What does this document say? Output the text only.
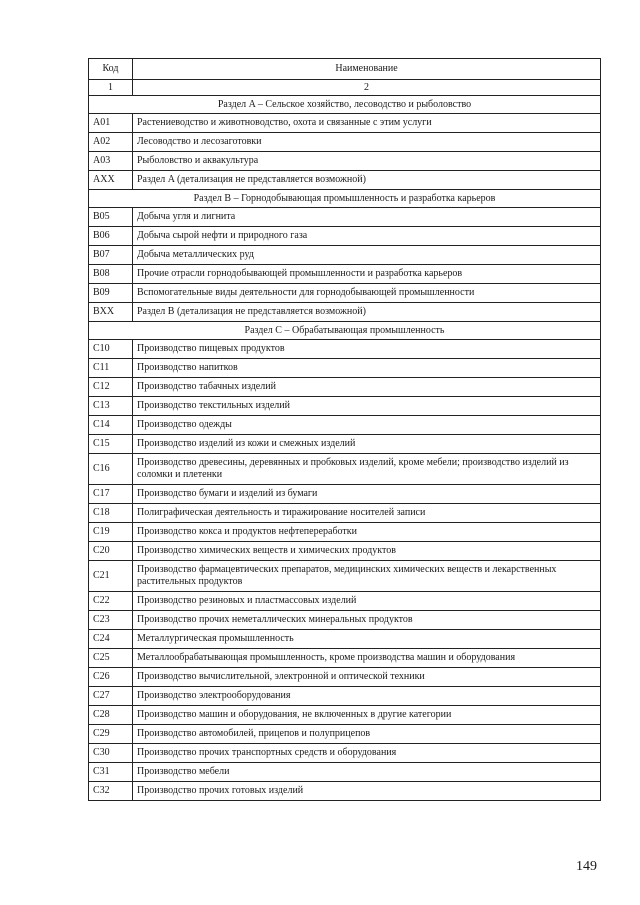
Код	Наименование
1	2
Раздел A – Сельское хозяйство, лесоводство и рыболовство	
A01	Растениеводство и животноводство, охота и связанные с этим услуги
A02	Лесоводство и лесозаготовки
A03	Рыболовство и аквакультура
AXX	Раздел A (детализация не представляется возможной)
Раздел B – Горнодобывающая промышленность и разработка карьеров	
B05	Добыча угля и лигнита
B06	Добыча сырой нефти и природного газа
B07	Добыча металлических руд
B08	Прочие отрасли горнодобывающей промышленности и разработка карьеров
B09	Вспомогательные виды деятельности для горнодобывающей промышленности
BXX	Раздел B (детализация не представляется возможной)
Раздел C – Обрабатывающая промышленность	
C10	Производство пищевых продуктов
C11	Производство напитков
C12	Производство табачных изделий
C13	Производство текстильных изделий
C14	Производство одежды
C15	Производство изделий из кожи и смежных изделий
C16	Производство древесины, деревянных и пробковых изделий, кроме мебели; производство изделий из соломки и плетенки
C17	Производство бумаги и изделий из бумаги
C18	Полиграфическая деятельность и тиражирование носителей записи
C19	Производство кокса и продуктов нефтепереработки
C20	Производство химических веществ и химических продуктов
C21	Производство фармацевтических препаратов, медицинских химических веществ и лекарственных растительных продуктов
C22	Производство резиновых и пластмассовых изделий
C23	Производство прочих неметаллических минеральных продуктов
C24	Металлургическая промышленность
C25	Металлообрабатывающая промышленность, кроме производства машин и оборудования
C26	Производство вычислительной, электронной и оптической техники
C27	Производство электрооборудования
C28	Производство машин и оборудования, не включенных в другие категории
C29	Производство автомобилей, прицепов и полуприцепов
C30	Производство прочих транспортных средств и оборудования
C31	Производство мебели
C32	Производство прочих готовых изделий
149
